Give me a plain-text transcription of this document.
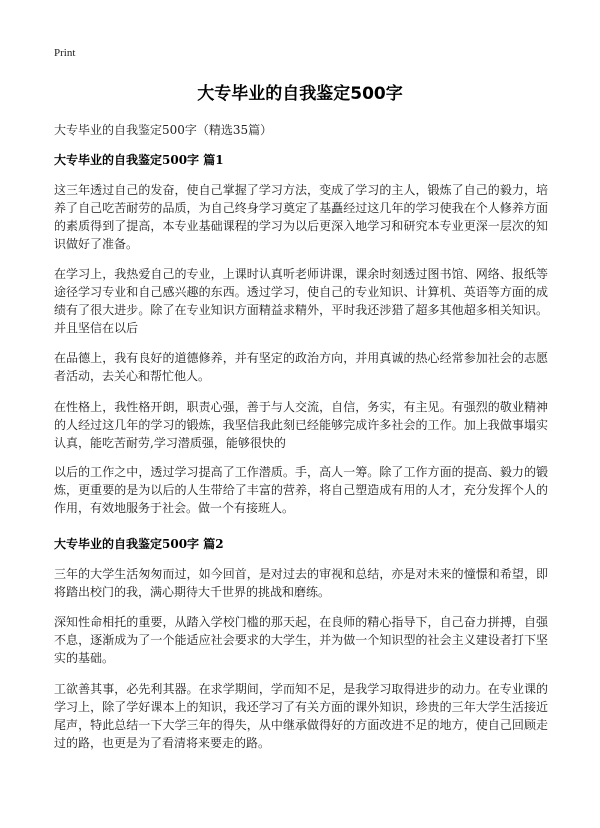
Print
大专毕业的自我鉴定500字
大专毕业的自我鉴定500字（精选35篇）
大专毕业的自我鉴定500字 篇1

这三年透过自己的发奋，使自己掌握了学习方法，变成了学习的主人，锻炼了自己的毅力，培养了自己吃苦耐劳的品质，为自己终身学习奠定了基矗经过这几年的学习使我在个人修养方面的素质得到了提高，本专业基础课程的学习为以后更深入地学习和研究本专业更深一层次的知识做好了准备。

在学习上，我热爱自己的专业，上课时认真听老师讲课，课余时刻透过图书馆、网络、报纸等途径学习专业和自己感兴趣的东西。透过学习，使自己的专业知识、计算机、英语等方面的成绩有了很大进步。除了在专业知识方面精益求精外，平时我还涉猎了超多其他超多相关知识。并且坚信在以后

在品德上，我有良好的道德修养，并有坚定的政治方向，并用真诚的热心经常参加社会的志愿者活动，去关心和帮忙他人。

在性格上，我性格开朗，职责心强，善于与人交流，自信，务实，有主见。有强烈的敬业精神的人经过这几年的学习的锻炼，我坚信我此刻已经能够完成许多社会的工作。加上我做事塌实认真，能吃苦耐劳,学习潜质强，能够很快的

以后的工作之中，透过学习提高了工作潜质。手，高人一筹。除了工作方面的提高、毅力的锻炼，更重要的是为以后的人生带给了丰富的营养，将自己塑造成有用的人才，充分发挥个人的作用，有效地服务于社会。做一个有接班人。

大专毕业的自我鉴定500字 篇2

三年的大学生活匆匆而过，如今回首，是对过去的审视和总结，亦是对未来的憧憬和希望，即将踏出校门的我，满心期待大千世界的挑战和磨练。

深知性命相托的重要，从踏入学校门槛的那天起，在良师的精心指导下，自己奋力拼搏，自强不息，逐渐成为了一个能适应社会要求的大学生，并为做一个知识型的社会主义建设者打下坚实的基础。

工欲善其事，必先利其器。在求学期间，学而知不足，是我学习取得进步的动力。在专业课的学习上，除了学好课本上的知识，我还学习了有关方面的课外知识，珍贵的三年大学生活接近尾声，特此总结一下大学三年的得失，从中继承做得好的方面改进不足的地方，使自己回顾走过的路，也更是为了看清将来要走的路。
